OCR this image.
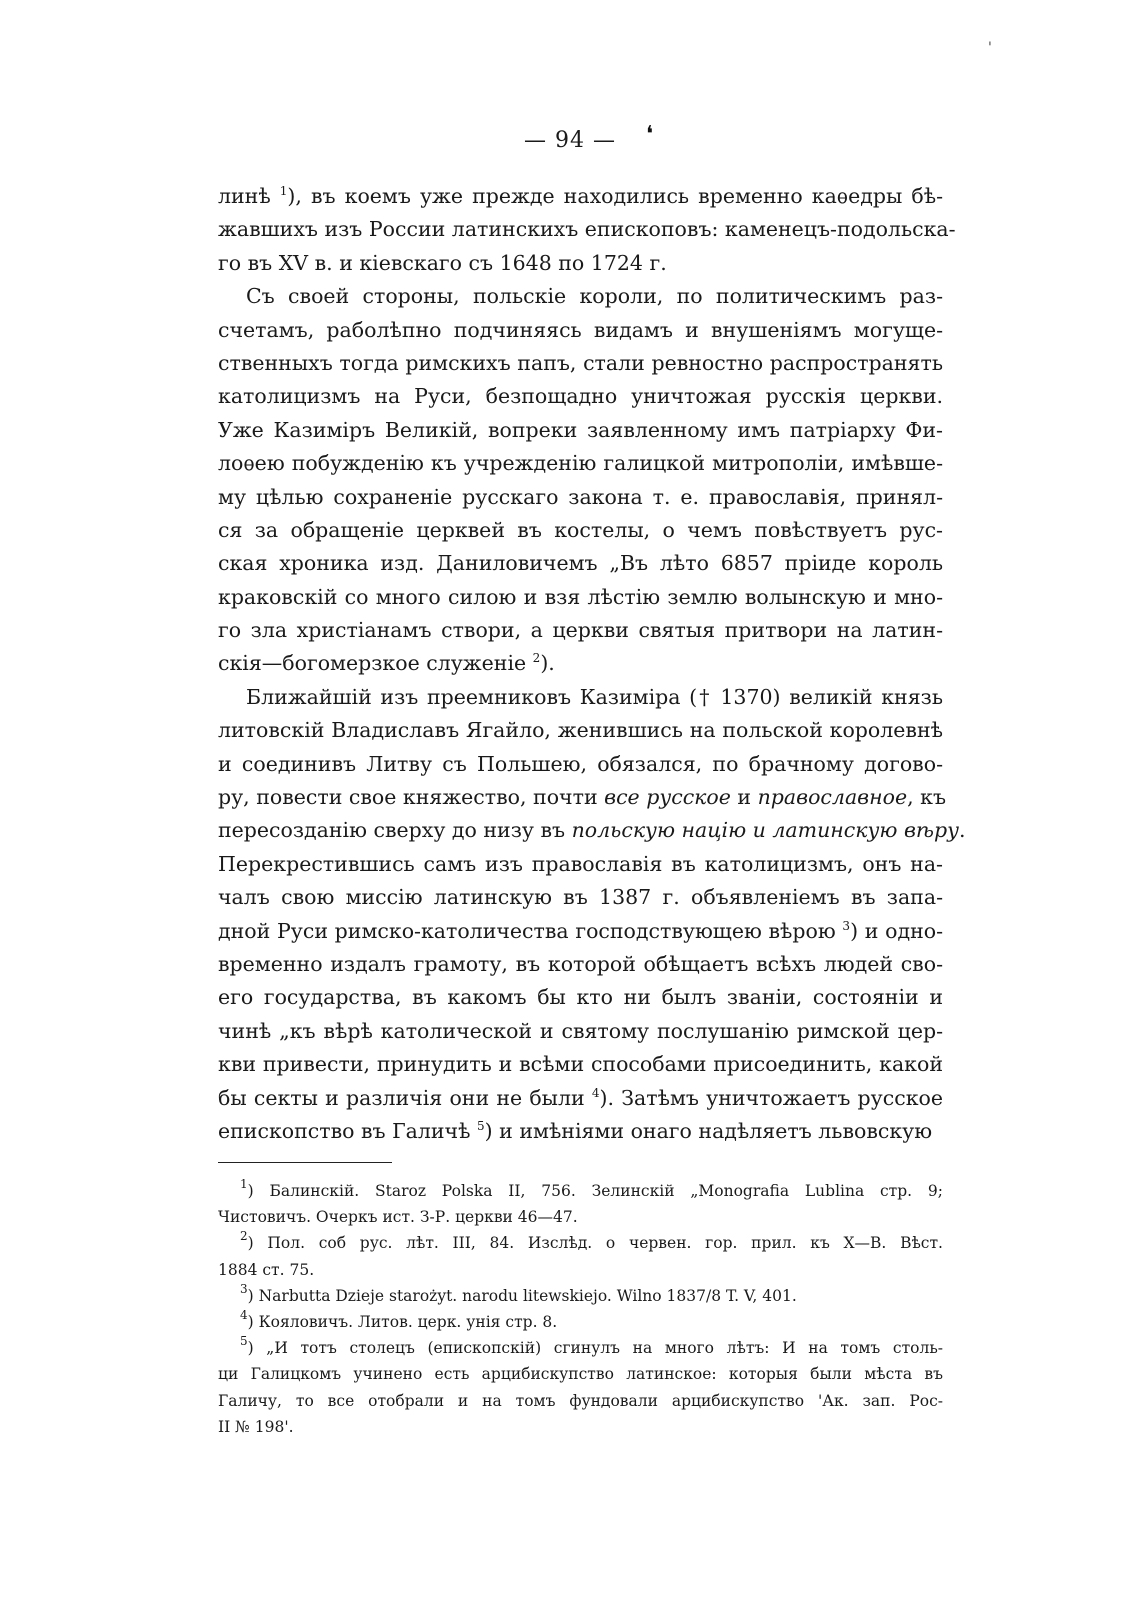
❛
'
— 94 —
линѣ $^1$), въ коемъ уже прежде находились временно каѳедры бѣ-
жавшихъ изъ России латинскихъ епископовъ: каменецъ-подольска-
го въ XV в. и кіевскаго съ 1648 по 1724 г.
Съ своей стороны, польскіе короли, по политическимъ раз-
счетамъ, раболѣпно подчиняясь видамъ и внушеніямъ могуще-
ственныхъ тогда римскихъ папъ, стали ревностно распространять
католицизмъ на Руси, безпощадно уничтожая русскія церкви.
Уже Казиміръ Великій, вопреки заявленному имъ патріарху Фи-
лоѳею побужденію къ учрежденію галицкой митрополіи, имѣвше-
му цѣлью сохраненіе русскаго закона т. е. православія, принял-
ся за обращеніе церквей въ костелы, о чемъ повѣствуетъ рус-
ская хроника изд. Даниловичемъ „Въ лѣто 6857 пріиде король
краковскій со много силою и взя лѣстію землю волынскую и мно-
го зла христіанамъ створи, а церкви святыя притвори на латин-
скія—богомерзкое служеніе $^2$).
Ближайшій изъ преемниковъ Казиміра († 1370) великій князь
литовскій Владиславъ Ягайло, женившись на польской королевнѣ
и соединивъ Литву съ Польшею, обязался, по брачному догово-
ру, повести свое княжество, почти все русское и православное, къ
пересозданію сверху до низу въ польскую націю и латинскую вѣру.
Перекрестившись самъ изъ православія въ католицизмъ, онъ на-
чалъ свою миссію латинскую въ 1387 г. объявленіемъ въ запа-
дной Руси римско-католичества господствующею вѣрою $^3$) и одно-
временно издалъ грамоту, въ которой обѣщаетъ всѣхъ людей сво-
его государства, въ какомъ бы кто ни былъ званіи, состояніи и
чинѣ „къ вѣрѣ католической и святому послушанію римской цер-
кви привести, принудить и всѣми способами присоединить, какой
бы секты и различія они не были $^4$). Затѣмъ уничтожаетъ русское
епископство въ Галичѣ $^5$) и имѣніями онаго надѣляетъ львовскую
$^1$) Балинскій. Staroz Polska II, 756. Зелинскій „Monografia Lublina стр. 9;
Чистовичъ. Очеркъ ист. З-Р. церкви 46—47.
$^2$) Пол. соб рус. лѣт. III, 84. Изслѣд. о червен. гор. прил. къ X—В. Вѣст.
1884 ст. 75.
$^3$) Narbutta Dzieje starożyt. narodu litewskiejo. Wilno 1837/8 T. V, 401.
$^4$) Кояловичъ. Литов. церк. унія стр. 8.
$^5$) „И тотъ столецъ (епископскій) сгинулъ на много лѣтъ: И на томъ столь-
ци Галицкомъ учинено есть арцибискупство латинское: которыя были мѣста въ
Галичу, то все отобрали и на томъ фундовали арцибискупство 'Ак. зап. Рос-
II № 198'.
